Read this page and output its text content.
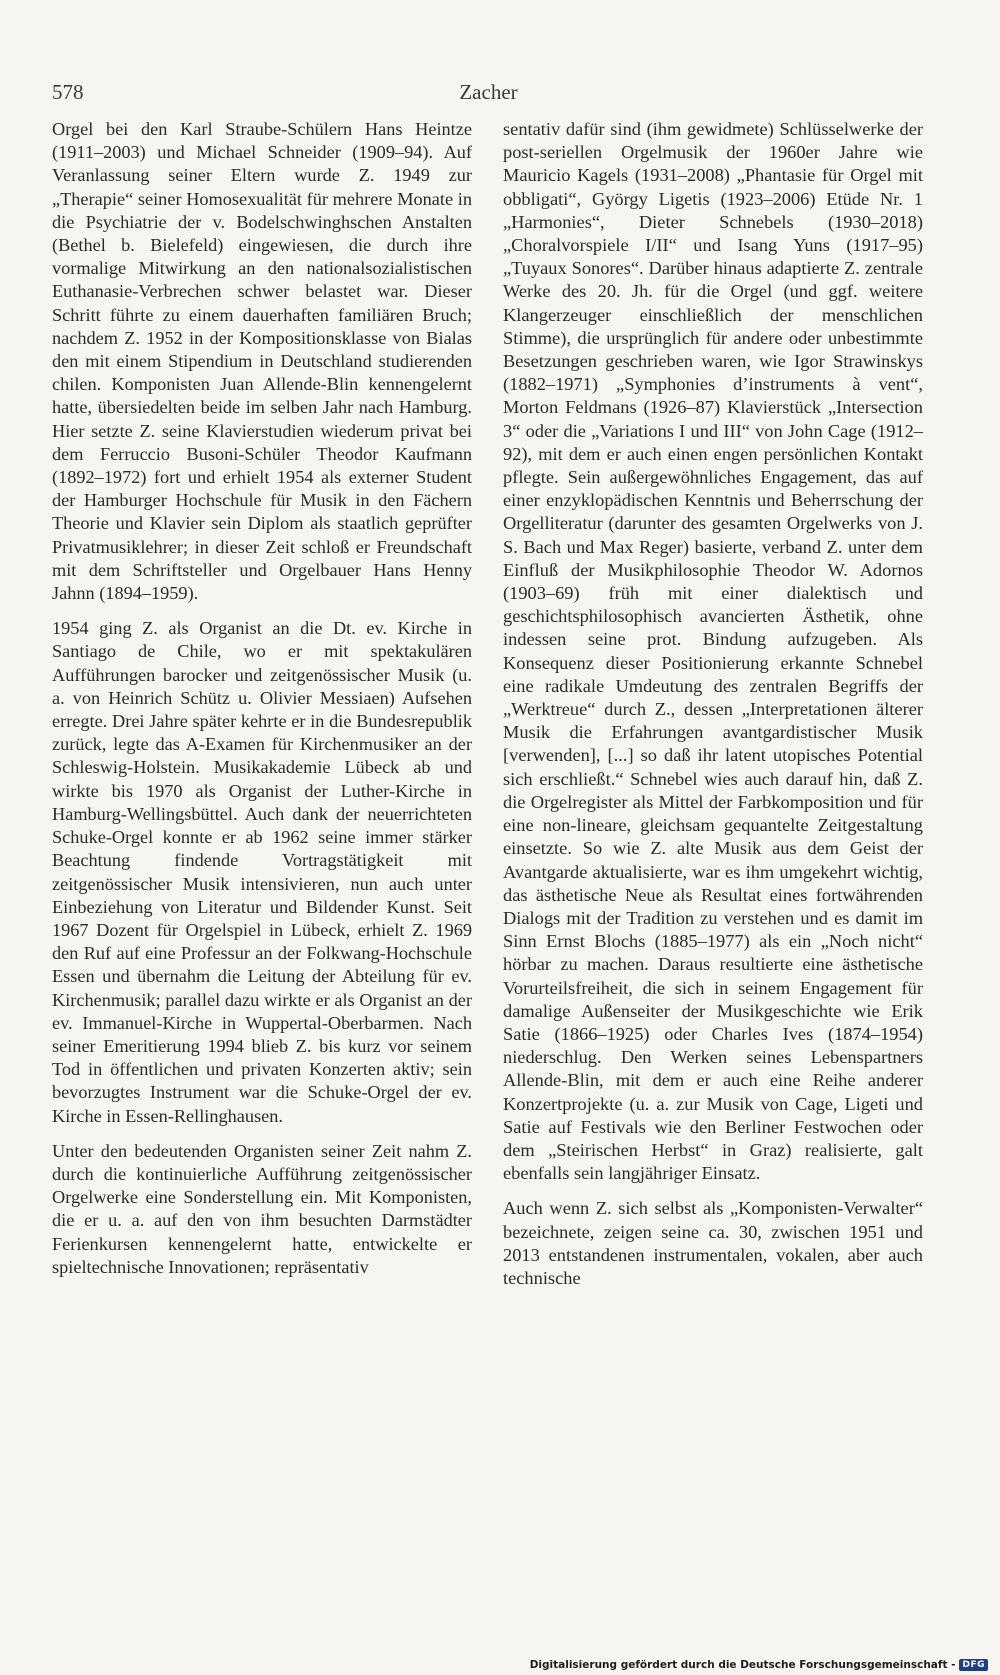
578	Zacher

Orgel bei den Karl Straube-Schülern Hans Heintze (1911–2003) und Michael Schneider (1909–94). Auf Veranlassung seiner Eltern wurde Z. 1949 zur „Therapie“ seiner Homosexualität für mehrere Monate in die Psychiatrie der v. Bodelschwinghschen Anstalten (Bethel b. Bielefeld) eingewiesen, die durch ihre vormalige Mitwirkung an den nationalsozialistischen Euthanasie-Verbrechen schwer belastet war. Dieser Schritt führte zu einem dauerhaften familiären Bruch; nachdem Z. 1952 in der Kompositionsklasse von Bialas den mit einem Stipendium in Deutschland studierenden chilen. Komponisten Juan Allende-Blin kennengelernt hatte, übersiedelten beide im selben Jahr nach Hamburg. Hier setzte Z. seine Klavierstudien wiederum privat bei dem Ferruccio Busoni-Schüler Theodor Kaufmann (1892–1972) fort und erhielt 1954 als externer Student der Hamburger Hochschule für Musik in den Fächern Theorie und Klavier sein Diplom als staatlich geprüfter Privatmusiklehrer; in dieser Zeit schloß er Freundschaft mit dem Schriftsteller und Orgelbauer Hans Henny Jahnn (1894–1959).

1954 ging Z. als Organist an die Dt. ev. Kirche in Santiago de Chile, wo er mit spektakulären Aufführungen barocker und zeitgenössischer Musik (u. a. von Heinrich Schütz u. Olivier Messiaen) Aufsehen erregte. Drei Jahre später kehrte er in die Bundesrepublik zurück, legte das A-Examen für Kirchenmusiker an der Schleswig-Holstein. Musikakademie Lübeck ab und wirkte bis 1970 als Organist der Luther-Kirche in Hamburg-Wellingsbüttel. Auch dank der neuerrichteten Schuke-Orgel konnte er ab 1962 seine immer stärker Beachtung findende Vortragstätigkeit mit zeitgenössischer Musik intensivieren, nun auch unter Einbeziehung von Literatur und Bildender Kunst. Seit 1967 Dozent für Orgelspiel in Lübeck, erhielt Z. 1969 den Ruf auf eine Professur an der Folkwang-Hochschule Essen und übernahm die Leitung der Abteilung für ev. Kirchenmusik; parallel dazu wirkte er als Organist an der ev. Immanuel-Kirche in Wuppertal-Oberbarmen. Nach seiner Emeritierung 1994 blieb Z. bis kurz vor seinem Tod in öffentlichen und privaten Konzerten aktiv; sein bevorzugtes Instrument war die Schuke-Orgel der ev. Kirche in Essen-Rellinghausen.

Unter den bedeutenden Organisten seiner Zeit nahm Z. durch die kontinuierliche Aufführung zeitgenössischer Orgelwerke eine Sonderstellung ein. Mit Komponisten, die er u. a. auf den von ihm besuchten Darmstädter Ferienkursen kennengelernt hatte, entwickelte er spieltechnische Innovationen; repräsentativ

sentativ dafür sind (ihm gewidmete) Schlüsselwerke der post-seriellen Orgelmusik der 1960er Jahre wie Mauricio Kagels (1931–2008) „Phantasie für Orgel mit obbligati“, György Ligetis (1923–2006) Etüde Nr. 1 „Harmonies“, Dieter Schnebels (1930–2018) „Choralvorspiele I/II“ und Isang Yuns (1917–95) „Tuyaux Sonores“. Darüber hinaus adaptierte Z. zentrale Werke des 20. Jh. für die Orgel (und ggf. weitere Klangerzeuger einschließlich der menschlichen Stimme), die ursprünglich für andere oder unbestimmte Besetzungen geschrieben waren, wie Igor Strawinskys (1882–1971) „Symphonies d’instruments à vent“, Morton Feldmans (1926–87) Klavierstück „Intersection 3“ oder die „Variations I und III“ von John Cage (1912–92), mit dem er auch einen engen persönlichen Kontakt pflegte. Sein außergewöhnliches Engagement, das auf einer enzyklopädischen Kenntnis und Beherrschung der Orgelliteratur (darunter des gesamten Orgelwerks von J. S. Bach und Max Reger) basierte, verband Z. unter dem Einfluß der Musikphilosophie Theodor W. Adornos (1903–69) früh mit einer dialektisch und geschichtsphilosophisch avancierten Ästhetik, ohne indessen seine prot. Bindung aufzugeben. Als Konsequenz dieser Positionierung erkannte Schnebel eine radikale Umdeutung des zentralen Begriffs der „Werktreue“ durch Z., dessen „Interpretationen älterer Musik die Erfahrungen avantgardistischer Musik [verwenden], [...] so daß ihr latent utopisches Potential sich erschließt.“ Schnebel wies auch darauf hin, daß Z. die Orgelregister als Mittel der Farbkomposition und für eine non-lineare, gleichsam gequantelte Zeitgestaltung einsetzte. So wie Z. alte Musik aus dem Geist der Avantgarde aktualisierte, war es ihm umgekehrt wichtig, das ästhetische Neue als Resultat eines fortwährenden Dialogs mit der Tradition zu verstehen und es damit im Sinn Ernst Blochs (1885–1977) als ein „Noch nicht“ hörbar zu machen. Daraus resultierte eine ästhetische Vorurteilsfreiheit, die sich in seinem Engagement für damalige Außenseiter der Musikgeschichte wie Erik Satie (1866–1925) oder Charles Ives (1874–1954) niederschlug. Den Werken seines Lebenspartners Allende-Blin, mit dem er auch eine Reihe anderer Konzertprojekte (u. a. zur Musik von Cage, Ligeti und Satie auf Festivals wie den Berliner Festwochen oder dem „Steirischen Herbst“ in Graz) realisierte, galt ebenfalls sein langjähriger Einsatz.

Auch wenn Z. sich selbst als „Komponisten-Verwalter“ bezeichnete, zeigen seine ca. 30, zwischen 1951 und 2013 entstandenen instrumentalen, vokalen, aber auch technische

Digitalisierung gefördert durch die Deutsche Forschungsgemeinschaft - DFG
